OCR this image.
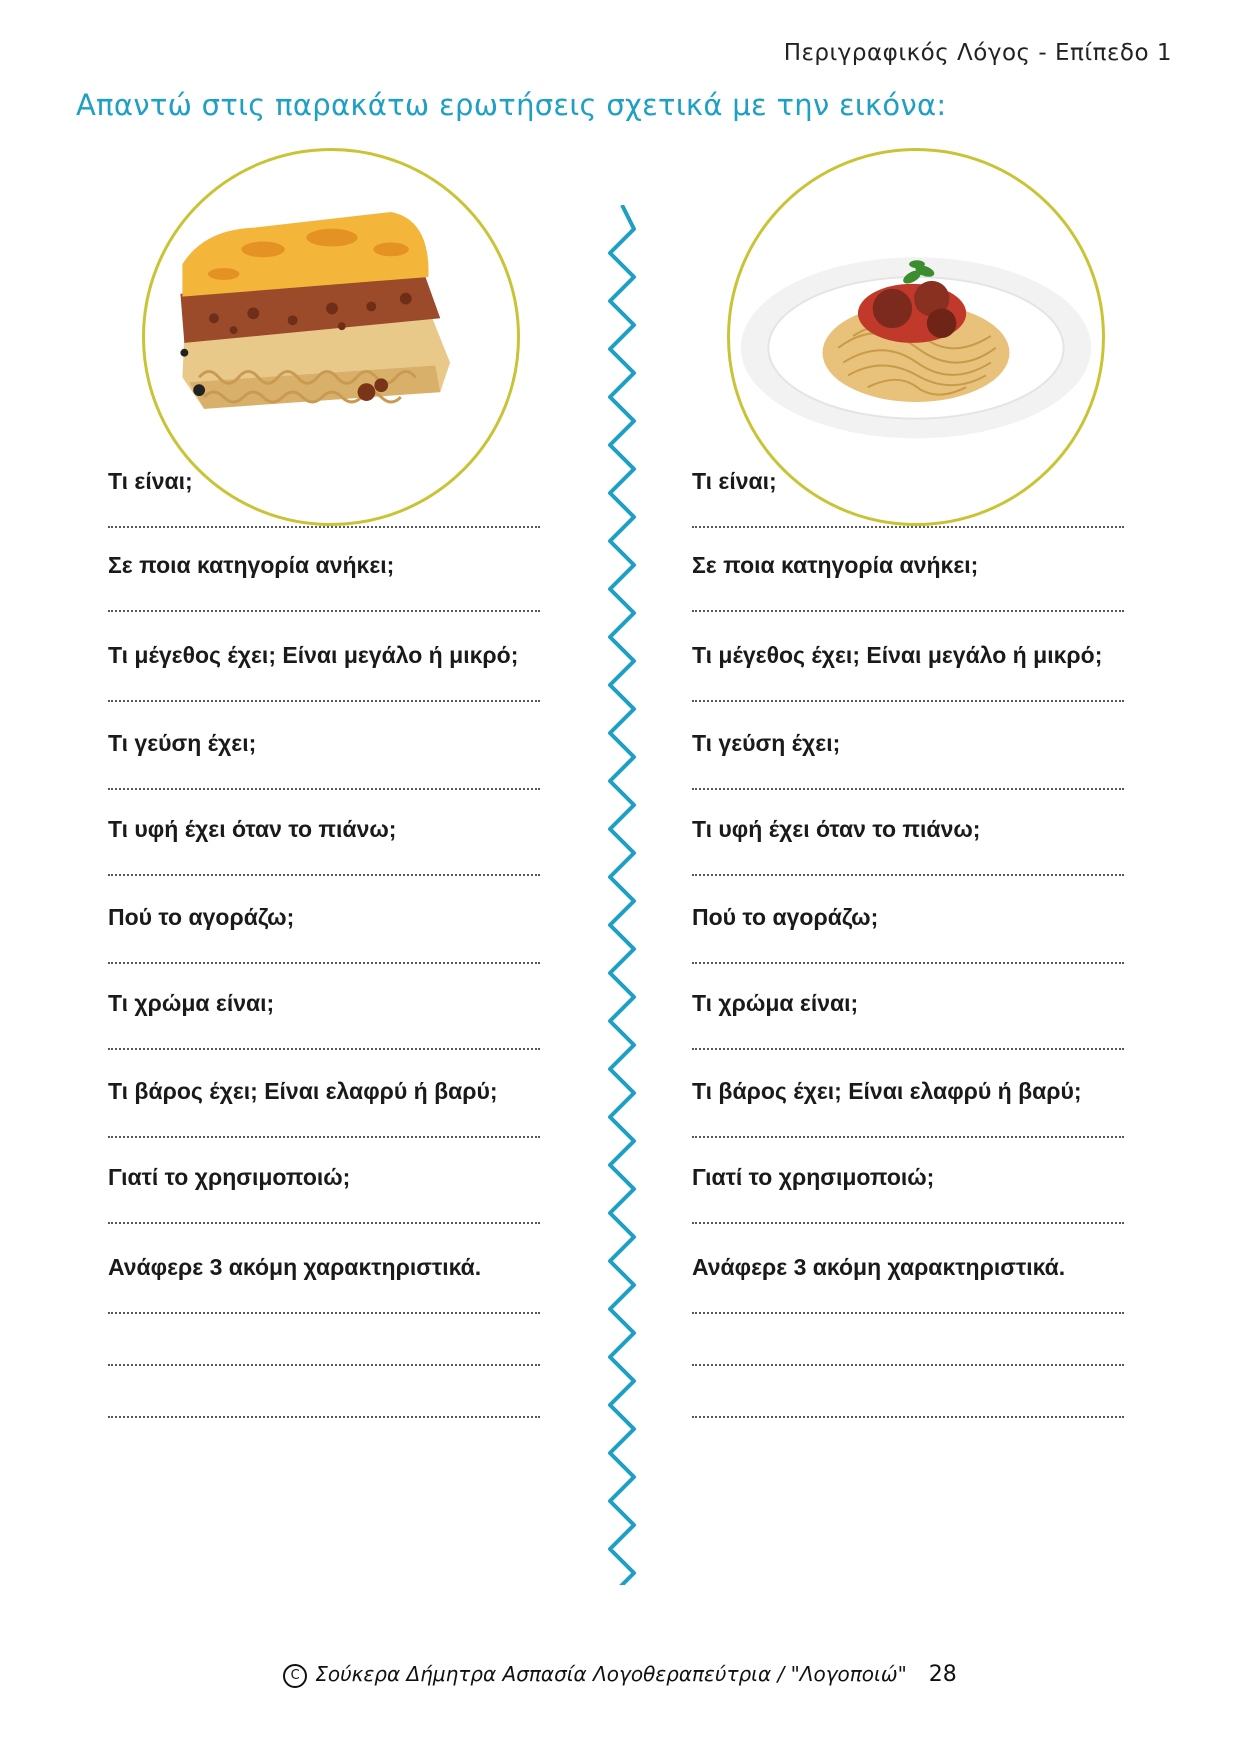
Περιγραφικός Λόγος - Επίπεδο 1
Απαντώ στις παρακάτω ερωτήσεις σχετικά με την εικόνα:
Τι είναι;
Σε ποια κατηγορία ανήκει;
Τι μέγεθος έχει; Είναι μεγάλο ή μικρό;
Τι γεύση έχει;
Τι υφή έχει όταν το πιάνω;
Πού το αγοράζω;
Τι χρώμα είναι;
Τι βάρος έχει; Είναι ελαφρύ ή βαρύ;
Γιατί το χρησιμοποιώ;
Ανάφερε 3 ακόμη χαρακτηριστικά.
Τι είναι;
Σε ποια κατηγορία ανήκει;
Τι μέγεθος έχει; Είναι μεγάλο ή μικρό;
Τι γεύση έχει;
Τι υφή έχει όταν το πιάνω;
Πού το αγοράζω;
Τι χρώμα είναι;
Τι βάρος έχει; Είναι ελαφρύ ή βαρύ;
Γιατί το χρησιμοποιώ;
Ανάφερε 3 ακόμη χαρακτηριστικά.
C Σούκερα Δήμητρα Ασπασία Λογοθεραπεύτρια / "Λογοποιώ" 28
